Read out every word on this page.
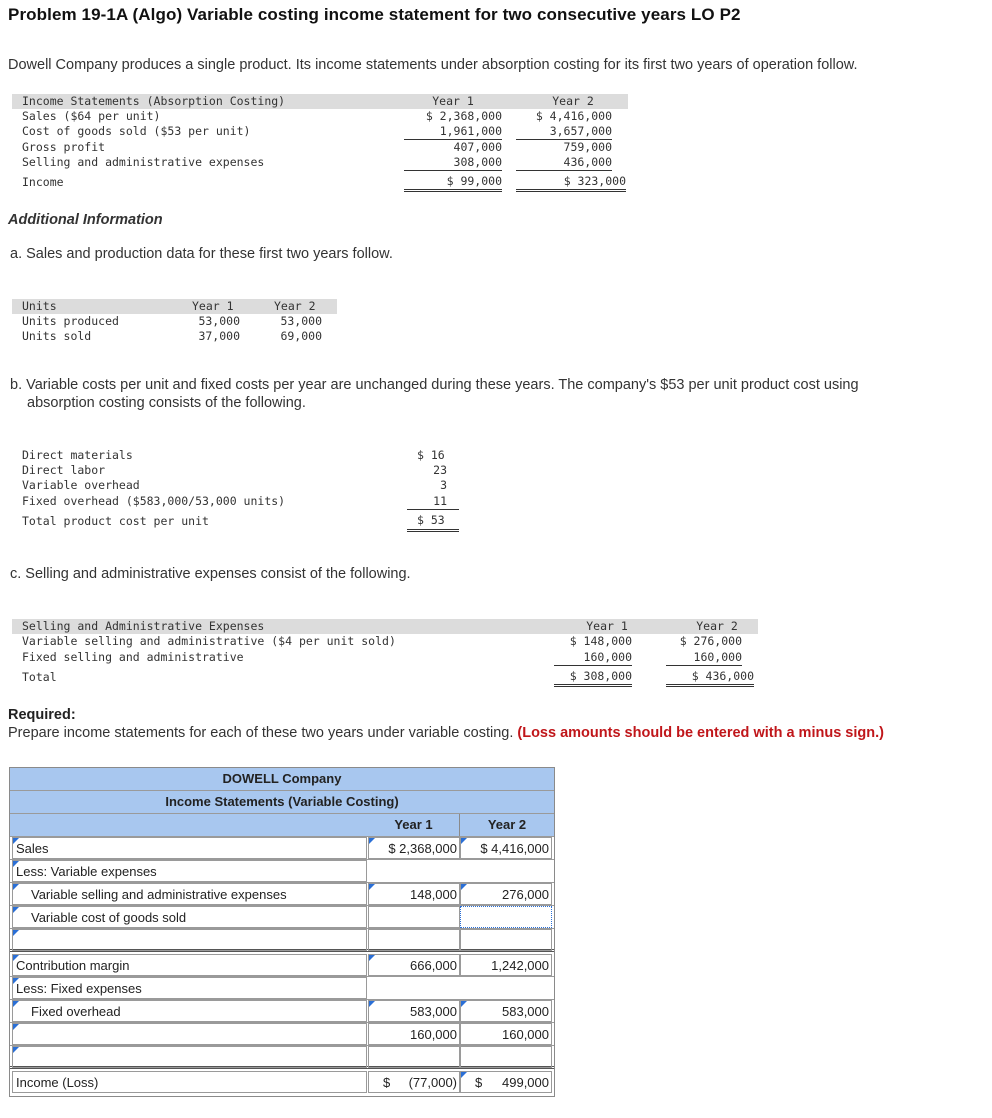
Problem 19-1A (Algo) Variable costing income statement for two consecutive years LO P2
Dowell Company produces a single product. Its income statements under absorption costing for its first two years of operation follow.
Income Statements (Absorption Costing)	Year 1	Year 2
Sales ($64 per unit)	$ 2,368,000	$ 4,416,000
Cost of goods sold ($53 per unit)	1,961,000	3,657,000
Gross profit	407,000	759,000
Selling and administrative expenses	308,000	436,000
Income	$ 99,000	$ 323,000
Additional Information
a. Sales and production data for these first two years follow.
Units	Year 1	Year 2
Units produced	53,000	53,000
Units sold	37,000	69,000
b. Variable costs per unit and fixed costs per year are unchanged during these years. The company's $53 per unit product cost using
absorption costing consists of the following.
Direct materials	$ 16
Direct labor	23
Variable overhead	3
Fixed overhead ($583,000/53,000 units)	11
Total product cost per unit	$ 53
c. Selling and administrative expenses consist of the following.
Selling and Administrative Expenses	Year 1	Year 2
Variable selling and administrative ($4 per unit sold)	$ 148,000	$ 276,000
Fixed selling and administrative	160,000	160,000
Total	$ 308,000	$ 436,000
Required:
Prepare income statements for each of these two years under variable costing. (Loss amounts should be entered with a minus sign.)
DOWELL Company
Income Statements (Variable Costing)
Year 1	Year 2
Sales	$ 2,368,000	$ 4,416,000
Less: Variable expenses
Variable selling and administrative expenses	148,000	276,000
Variable cost of goods sold
Contribution margin	666,000	1,242,000
Less: Fixed expenses
Fixed overhead	583,000	583,000
160,000	160,000
Income (Loss)	$ (77,000) $ 499,000
